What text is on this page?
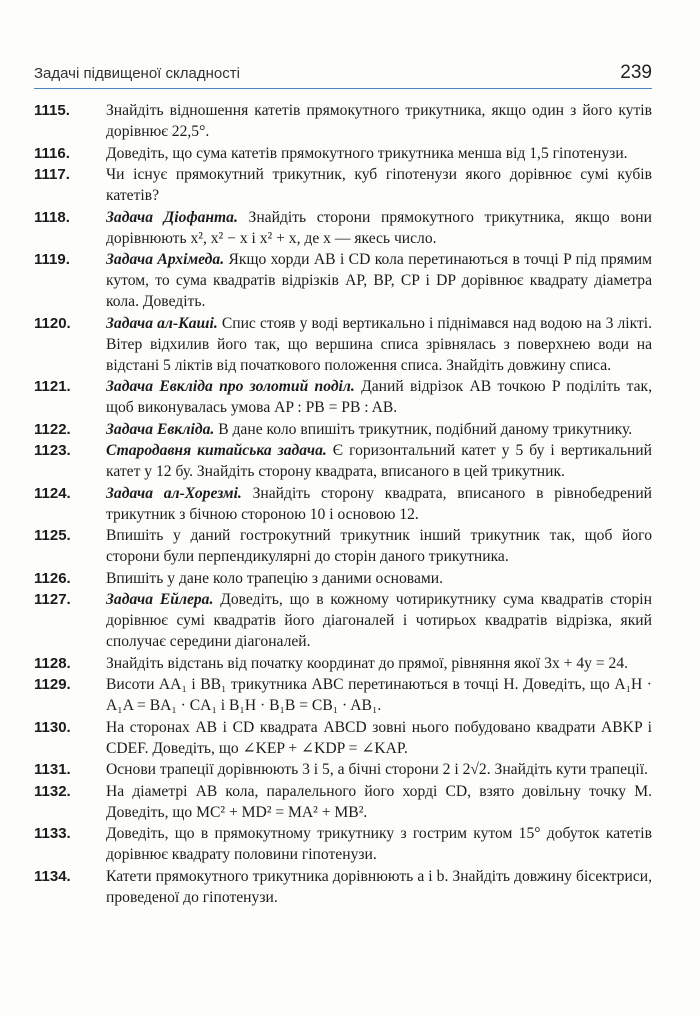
Задачі підвищеної складності	239
1115. Знайдіть відношення катетів прямокутного трикутника, якщо один з його кутів дорівнює 22,5°.
1116. Доведіть, що сума катетів прямокутного трикутника менша від 1,5 гіпотенузи.
1117. Чи існує прямокутний трикутник, куб гіпотенузи якого дорівнює сумі кубів катетів?
1118. Задача Діофанта. Знайдіть сторони прямокутного трикутника, якщо вони дорівнюють x², x² − x і x² + x, де x — якесь число.
1119. Задача Архімеда. Якщо хорди AB і CD кола перетинаються в точці P під прямим кутом, то сума квадратів відрізків AP, BP, CP і DP дорівнює квадрату діаметра кола. Доведіть.
1120. Задача ал-Каші. Спис стояв у воді вертикально і піднімався над водою на 3 лікті. Вітер відхилив його так, що вершина списа зрівнялась з поверхнею води на відстані 5 ліктів від початкового положення списа. Знайдіть довжину списа.
1121. Задача Евкліда про золотий поділ. Даний відрізок AB точкою P поділіть так, щоб виконувалась умова AP : PB = PB : AB.
1122. Задача Евкліда. В дане коло впишіть трикутник, подібний даному трикутнику.
1123. Стародавня китайська задача. Є горизонтальний катет у 5 бу і вертикальний катет у 12 бу. Знайдіть сторону квадрата, вписаного в цей трикутник.
1124. Задача ал-Хорезмі. Знайдіть сторону квадрата, вписаного в рівнобедрений трикутник з бічною стороною 10 і основою 12.
1125. Впишіть у даний гострокутний трикутник інший трикутник так, щоб його сторони були перпендикулярні до сторін даного трикутника.
1126. Впишіть у дане коло трапецію з даними основами.
1127. Задача Ейлера. Доведіть, що в кожному чотирикутнику сума квадратів сторін дорівнює сумі квадратів його діагоналей і чотирьох квадратів відрізка, який сполучає середини діагоналей.
1128. Знайдіть відстань від початку координат до прямої, рівняння якої 3x + 4y = 24.
1129. Висоти AA₁ і BB₁ трикутника ABC перетинаються в точці H. Доведіть, що A₁H · A₁A = BA₁ · CA₁ і B₁H · B₁B = CB₁ · AB₁.
1130. На сторонах AB і CD квадрата ABCD зовні нього побудовано квадрати ABKP і CDEF. Доведіть, що ∠KEP + ∠KDP = ∠KAP.
1131. Основи трапеції дорівнюють 3 і 5, а бічні сторони 2 і 2√2. Знайдіть кути трапеції.
1132. На діаметрі AB кола, паралельного його хорді CD, взято довільну точку M. Доведіть, що MC² + MD² = MA² + MB².
1133. Доведіть, що в прямокутному трикутнику з гострим кутом 15° добуток катетів дорівнює квадрату половини гіпотенузи.
1134. Катети прямокутного трикутника дорівнюють a і b. Знайдіть довжину бісектриси, проведеної до гіпотенузи.
